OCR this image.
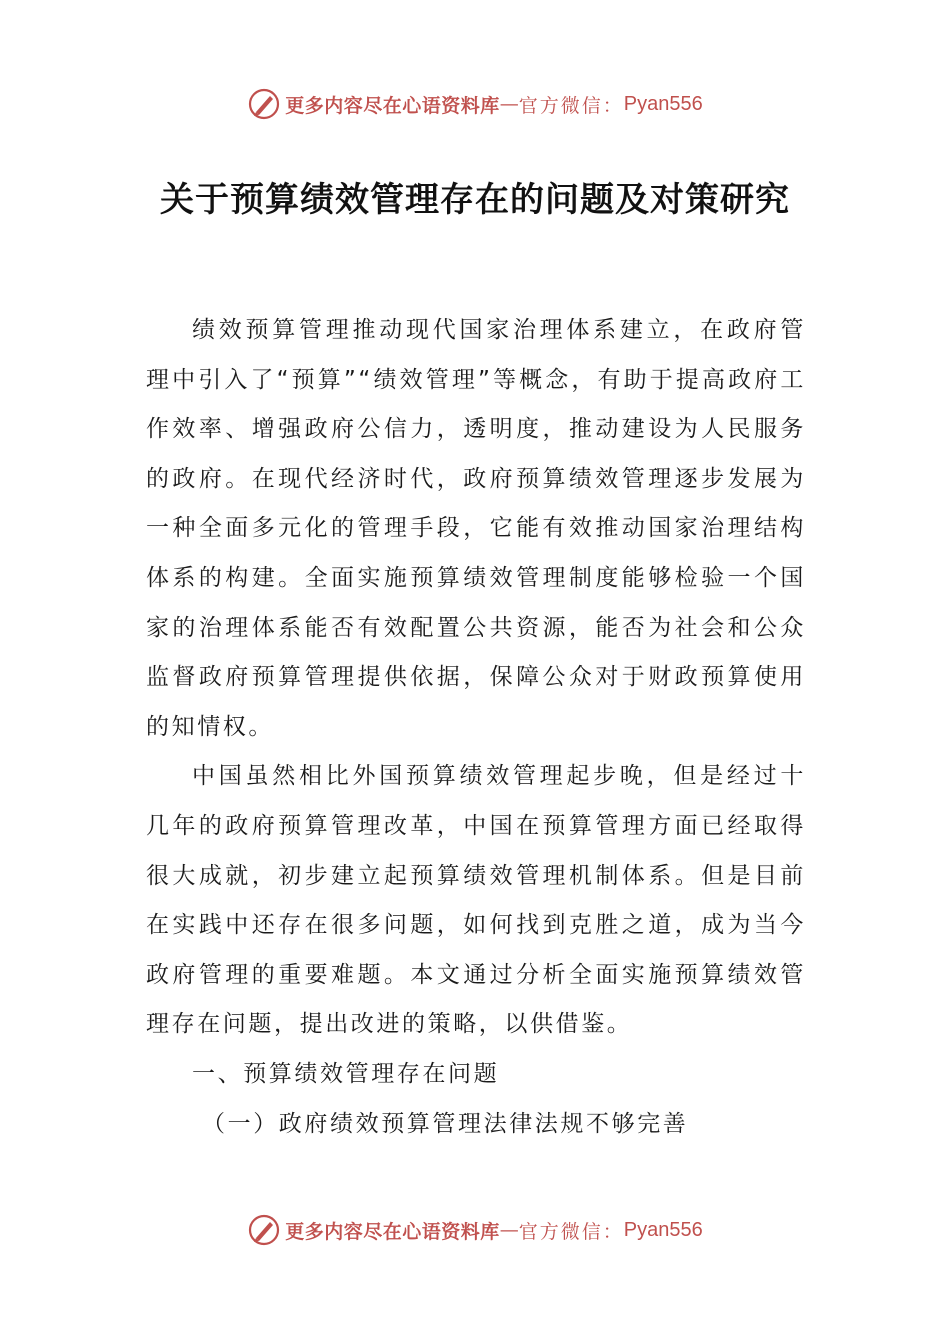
更多内容尽在心语资料库 — 官方微信： Pyan556
关于预算绩效管理存在的问题及对策研究

绩效预算管理推动现代国家治理体系建立，在政府管理中引入了“预算”“绩效管理”等概念，有助于提高政府工作效率、增强政府公信力，透明度，推动建设为人民服务的政府。在现代经济时代，政府预算绩效管理逐步发展为一种全面多元化的管理手段，它能有效推动国家治理结构体系的构建。全面实施预算绩效管理制度能够检验一个国家的治理体系能否有效配置公共资源，能否为社会和公众监督政府预算管理提供依据，保障公众对于财政预算使用的知情权。

中国虽然相比外国预算绩效管理起步晚，但是经过十几年的政府预算管理改革，中国在预算管理方面已经取得很大成就，初步建立起预算绩效管理机制体系。但是目前在实践中还存在很多问题，如何找到克胜之道，成为当今政府管理的重要难题。本文通过分析全面实施预算绩效管理存在问题，提出改进的策略，以供借鉴。

一、预算绩效管理存在问题

（一）政府绩效预算管理法律法规不够完善

更多内容尽在心语资料库 — 官方微信： Pyan556
